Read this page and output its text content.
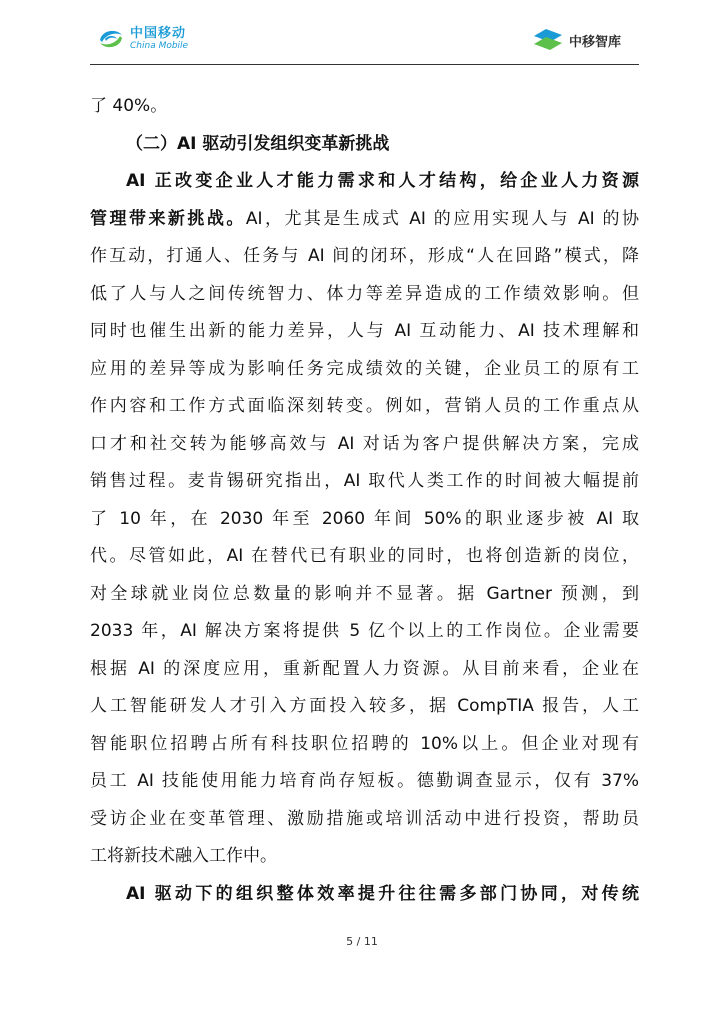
中国移动
China Mobile	中移智库
了 40%。
（二）AI 驱动引发组织变革新挑战
AI 正改变企业人才能力需求和人才结构，给企业人力资源
管理带来新挑战。AI，尤其是生成式 AI 的应用实现人与 AI 的协
作互动，打通人、任务与 AI 间的闭环，形成“人在回路”模式，降
低了人与人之间传统智力、体力等差异造成的工作绩效影响。但
同时也催生出新的能力差异，人与 AI 互动能力、AI 技术理解和
应用的差异等成为影响任务完成绩效的关键，企业员工的原有工
作内容和工作方式面临深刻转变。例如，营销人员的工作重点从
口才和社交转为能够高效与 AI 对话为客户提供解决方案，完成
销售过程。麦肯锡研究指出，AI 取代人类工作的时间被大幅提前
了 10 年，在 2030 年至 2060 年间 50%的职业逐步被 AI 取
代。尽管如此，AI 在替代已有职业的同时，也将创造新的岗位，
对全球就业岗位总数量的影响并不显著。据 Gartner 预测，到
2033 年，AI 解决方案将提供 5 亿个以上的工作岗位。企业需要
根据 AI 的深度应用，重新配置人力资源。从目前来看，企业在
人工智能研发人才引入方面投入较多，据 CompTIA 报告，人工
智能职位招聘占所有科技职位招聘的 10%以上。但企业对现有
员工 AI 技能使用能力培育尚存短板。德勤调查显示，仅有 37%
受访企业在变革管理、激励措施或培训活动中进行投资，帮助员
工将新技术融入工作中。
AI 驱动下的组织整体效率提升往往需多部门协同，对传统
5 / 11
